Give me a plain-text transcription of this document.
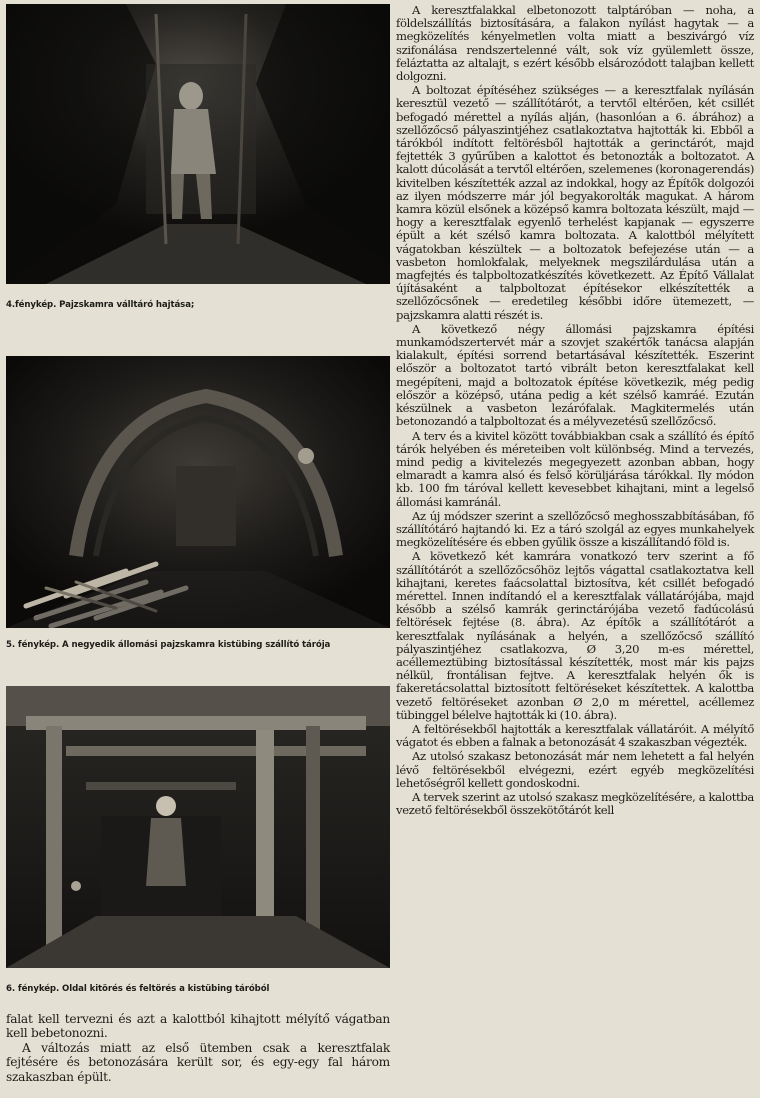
4.fénykép. Pajzskamra válltáró hajtása;
5. fénykép. A negyedik állomási pajzskamra kistübing szállító tárója
6. fénykép. Oldal kitörés és feltörés a kistübing táróból

falat kell tervezni és azt a kalottból kihajtott mélyítő vágatban kell bebetonozni.

A változás miatt az első ütemben csak a keresztfalak fejtésére és betonozására került sor, és egy-egy fal három szakaszban épült.

A keresztfalakkal elbetonozott talptáróban — noha, a földelszállítás biztosítására, a falakon nyílást hagytak — a megközelítés kényelmetlen volta miatt a beszivárgó víz szifonálása rendszertelenné vált, sok víz gyülemlett össze, feláztatta az altalajt, s ezért később elsározódott talajban kellett dolgozni.

A boltozat építéséhez szükséges — a keresztfalak nyílásán keresztül vezető — szállítótárót, a tervtől eltérően, két csillét befogadó mérettel a nyílás alján, (hasonlóan a 6. ábrához) a szellőzőcső pályaszintjéhez csatlakoztatva hajtották ki. Ebből a tárókból indított feltörésből hajtották a gerinctárót, majd fejtették 3 gyűrűben a kalottot és betonozták a boltozatot. A kalott dúcolását a tervtől eltérően, szelemenes (koronagerendás) kivitelben készítették azzal az indokkal, hogy az Építők dolgozói az ilyen módszerre már jól begyakorolták magukat. A három kamra közül elsőnek a középső kamra boltozata készült, majd — hogy a keresztfalak egyenlő terhelést kapjanak — egyszerre épült a két szélső kamra boltozata. A kalottból mélyített vágatokban készültek — a boltozatok befejezése után — a vasbeton homlokfalak, melyeknek megszilárdulása után a magfejtés és talpboltozatkészítés következett. Az Építő Vállalat újításaként a talpboltozat építésekor elkészítették a szellőzőcsőnek — eredetileg későbbi időre ütemezett, — pajzskamra alatti részét is.

A következő négy állomási pajzskamra építési munkamódszertervét már a szovjet szakértők tanácsa alapján kialakult, építési sorrend betartásával készítették. Eszerint először a boltozatot tartó vibrált beton keresztfalakat kell megépíteni, majd a boltozatok építése következik, még pedig először a középső, utána pedig a két szélső kamráé. Ezután készülnek a vasbeton lezárófalak. Magkitermelés után betonozandó a talpboltozat és a mélyvezetésű szellőzőcső.

A terv és a kivitel között továbbiakban csak a szállító és építő tárók helyében és méreteiben volt különbség. Mind a tervezés, mind pedig a kivitelezés megegyezett azonban abban, hogy elmaradt a kamra alsó és felső körüljárása tárókkal. Ily módon kb. 100 fm táróval kellett kevesebbet kihajtani, mint a legelső állomási kamránál.

Az új módszer szerint a szellőzőcső meghosszabbításában, fő szállítótáró hajtandó ki. Ez a táró szolgál az egyes munkahelyek megközelítésére és ebben gyűlik össze a kiszállítandó föld is.

A következő két kamrára vonatkozó terv szerint a fő szállítótárót a szellőzőcsőhöz lejtős vágattal csatlakoztatva kell kihajtani, keretes faácsolattal biztosítva, két csillét befogadó mérettel. Innen indítandó el a keresztfalak vállatárójába, majd később a szélső kamrák gerinctárójába vezető fadúcolású feltörések fejtése (8. ábra). Az építők a szállítótárót a keresztfalak nyílásának a helyén, a szellőzőcső szállító pályaszintjéhez csatlakozva, Ø 3,20 m-es mérettel, acéllemeztübing biztosítással készítették, most már kis pajzs nélkül, frontálisan fejtve. A keresztfalak helyén ők is fakeretácsolattal biztosított feltöréseket készítettek. A kalottba vezető feltöréseket azonban Ø 2,0 m mérettel, acéllemez tübinggel bélelve hajtották ki (10. ábra).

A feltörésekből hajtották a keresztfalak vállatáróit. A mélyítő vágatot és ebben a falnak a betonozását 4 szakaszban végezték.

Az utolsó szakasz betonozását már nem lehetett a fal helyén lévő feltörésekből elvégezni, ezért egyéb megközelítési lehetőségről kellett gondoskodni.

A tervek szerint az utolsó szakasz megközelítésére, a kalottba vezető feltörésekből összekötőtárót kell
